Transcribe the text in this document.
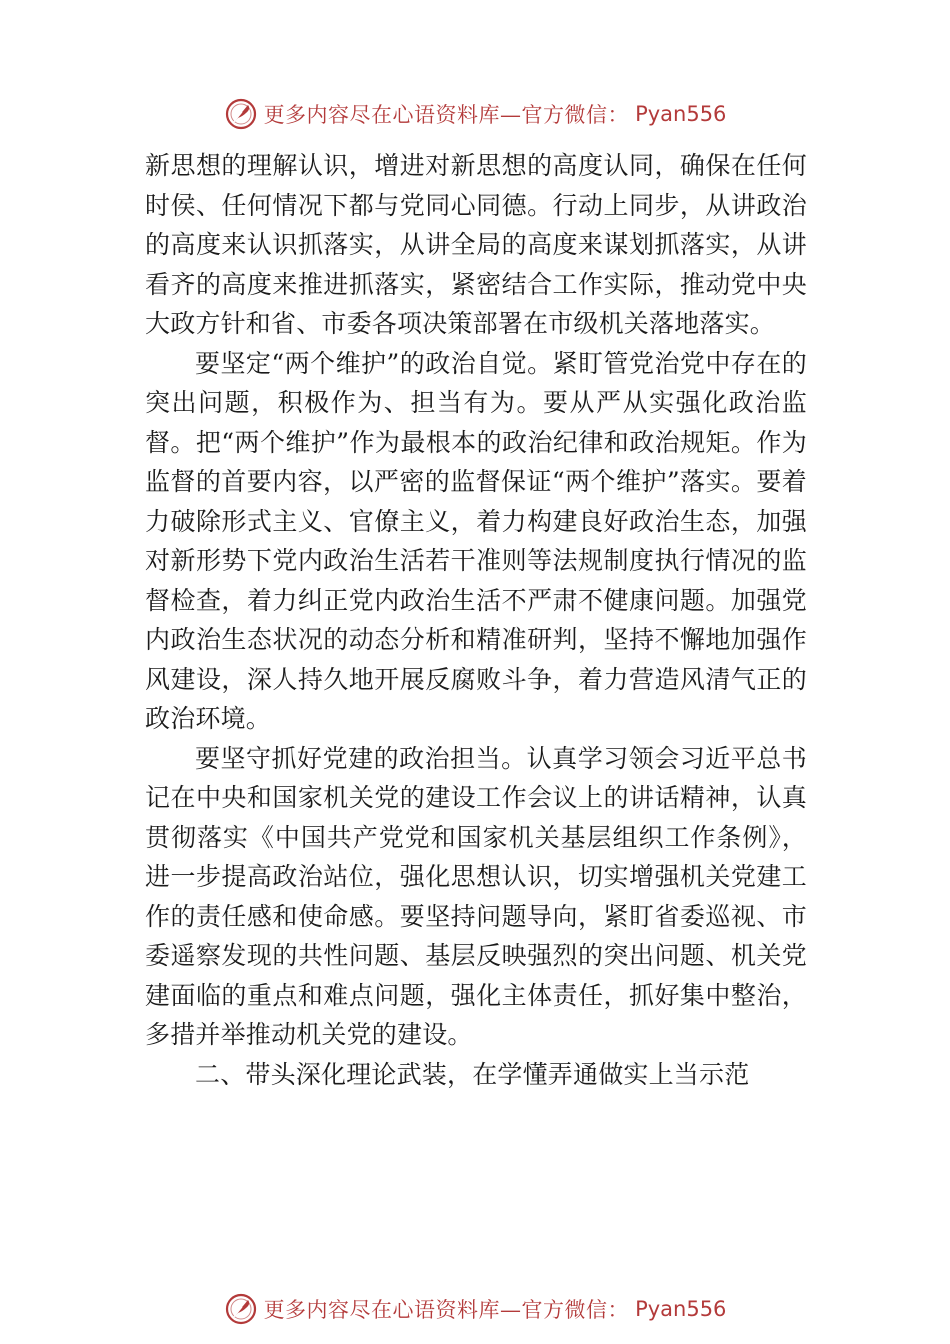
更多内容尽在心语资料库—官方微信： Pyan556

新思想的理解认识，增进对新思想的高度认同，确保在任何时侯、任何情况下都与党同心同德。行动上同步，从讲政治的高度来认识抓落实，从讲全局的高度来谋划抓落实，从讲看齐的高度来推进抓落实，紧密结合工作实际，推动党中央大政方针和省、市委各项决策部署在市级机关落地落实。

要坚定“两个维护”的政治自觉。紧盯管党治党中存在的突出问题，积极作为、担当有为。要从严从实强化政治监督。把“两个维护”作为最根本的政治纪律和政治规矩。作为监督的首要内容，以严密的监督保证“两个维护”落实。要着力破除形式主义、官僚主义，着力构建良好政治生态，加强对新形势下党内政治生活若干准则等法规制度执行情况的监督检查，着力纠正党内政治生活不严肃不健康问题。加强党内政治生态状况的动态分析和精准研判，坚持不懈地加强作风建设，深人持久地开展反腐败斗争，着力营造风清气正的政治环境。

要坚守抓好党建的政治担当。认真学习领会习近平总书记在中央和国家机关党的建设工作会议上的讲话精神，认真贯彻落实《中国共产党党和国家机关基层组织工作条例》，进一步提高政治站位，强化思想认识，切实增强机关党建工作的责任感和使命感。要坚持问题导向，紧盯省委巡视、市委遥察发现的共性问题、基层反映强烈的突出问题、机关党建面临的重点和难点问题，强化主体责任，抓好集中整治，多措并举推动机关党的建设。

二、带头深化理论武装，在学懂弄通做实上当示范

更多内容尽在心语资料库—官方微信： Pyan556
